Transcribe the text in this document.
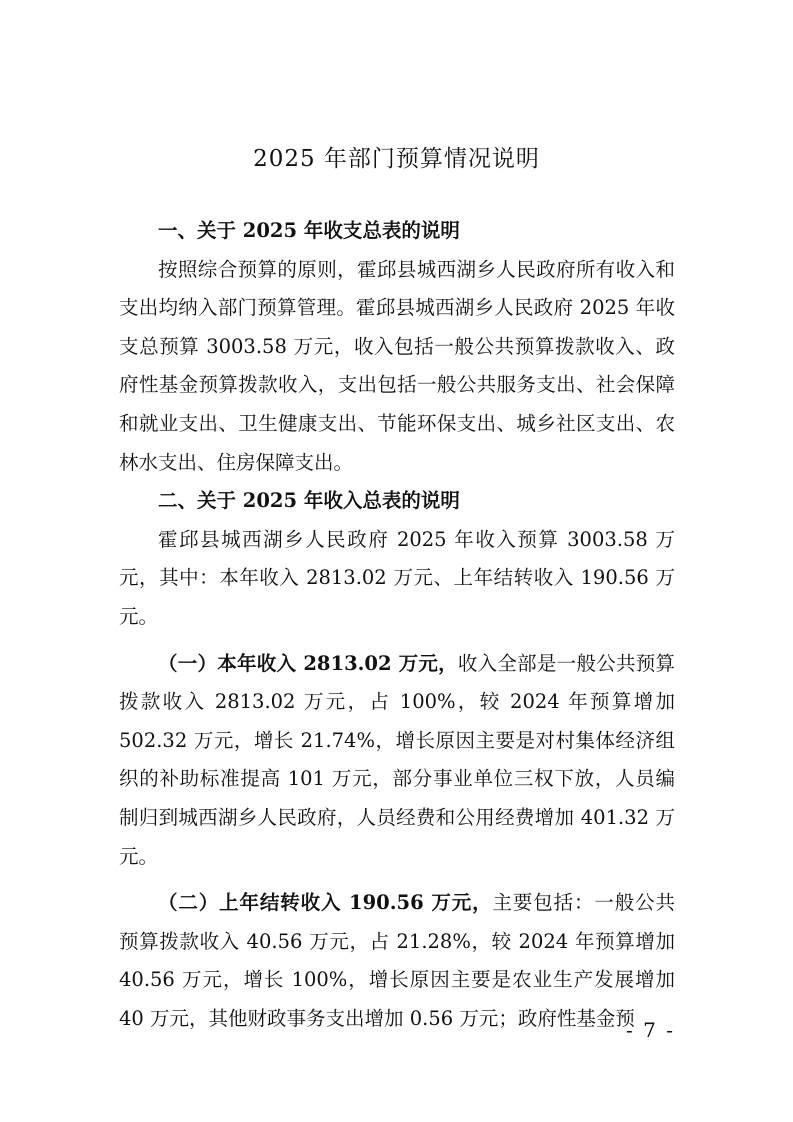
2025 年部门预算情况说明

一、关于 2025 年收支总表的说明

按照综合预算的原则，霍邱县城西湖乡人民政府所有收入和支出均纳入部门预算管理。霍邱县城西湖乡人民政府 2025 年收支总预算 3003.58 万元，收入包括一般公共预算拨款收入、政府性基金预算拨款收入，支出包括一般公共服务支出、社会保障和就业支出、卫生健康支出、节能环保支出、城乡社区支出、农林水支出、住房保障支出。

二、关于 2025 年收入总表的说明

霍邱县城西湖乡人民政府 2025 年收入预算 3003.58 万元，其中：本年收入 2813.02 万元、上年结转收入 190.56 万元。

（一）本年收入 2813.02 万元，收入全部是一般公共预算拨款收入 2813.02 万元，占 100%，较 2024 年预算增加 502.32 万元，增长 21.74%，增长原因主要是对村集体经济组织的补助标准提高 101 万元，部分事业单位三权下放，人员编制归到城西湖乡人民政府，人员经费和公用经费增加 401.32 万元。

（二）上年结转收入 190.56 万元，主要包括：一般公共预算拨款收入 40.56 万元，占 21.28%，较 2024 年预算增加 40.56 万元，增长 100%，增长原因主要是农业生产发展增加 40 万元，其他财政事务支出增加 0.56 万元；政府性基金预

- 7 -
